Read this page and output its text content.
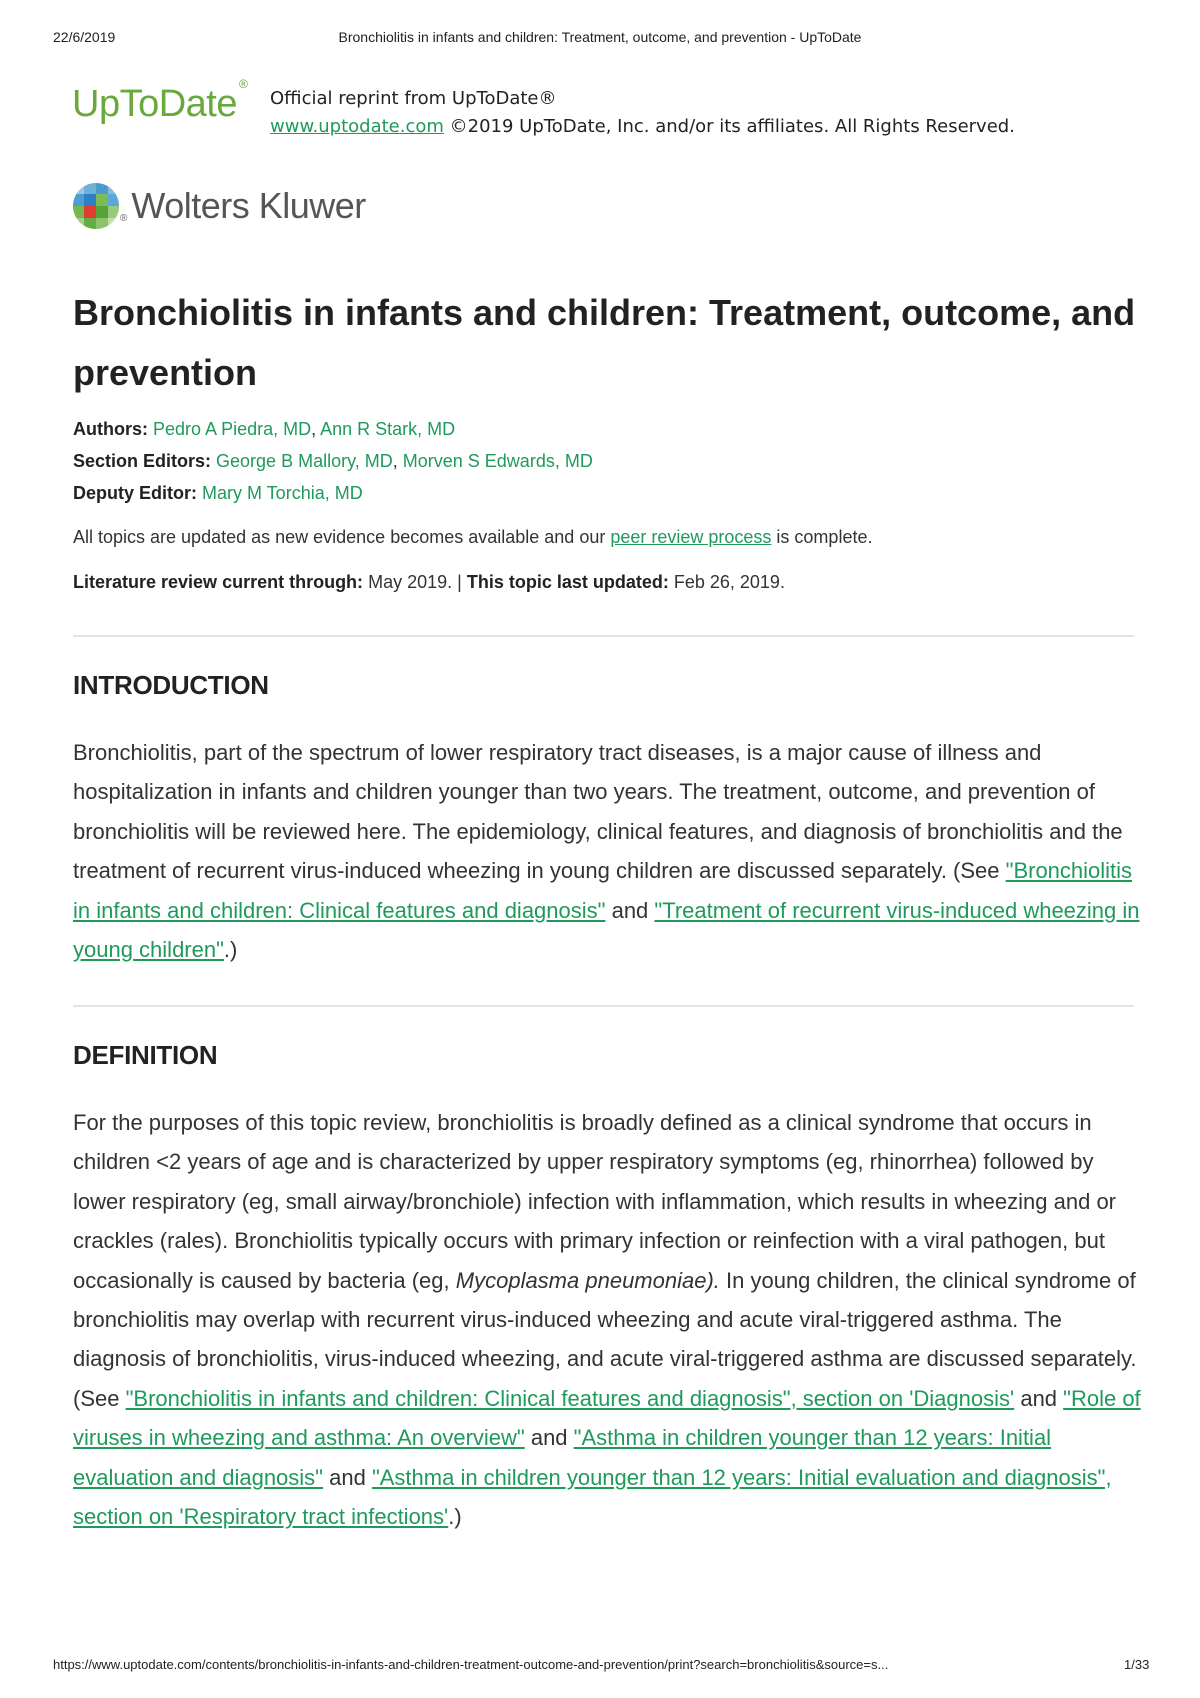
22/6/2019	Bronchiolitis in infants and children: Treatment, outcome, and prevention - UpToDate
UpToDate ®
Official reprint from UpToDate®
www.uptodate.com ©2019 UpToDate, Inc. and/or its affiliates. All Rights Reserved.
® Wolters Kluwer
Bronchiolitis in infants and children: Treatment, outcome, and prevention
Authors: Pedro A Piedra, MD, Ann R Stark, MD
Section Editors: George B Mallory, MD, Morven S Edwards, MD
Deputy Editor: Mary M Torchia, MD
All topics are updated as new evidence becomes available and our peer review process is complete.
Literature review current through: May 2019. | This topic last updated: Feb 26, 2019.
INTRODUCTION
Bronchiolitis, part of the spectrum of lower respiratory tract diseases, is a major cause of illness and hospitalization in infants and children younger than two years. The treatment, outcome, and prevention of bronchiolitis will be reviewed here. The epidemiology, clinical features, and diagnosis of bronchiolitis and the treatment of recurrent virus-induced wheezing in young children are discussed separately. (See "Bronchiolitis in infants and children: Clinical features and diagnosis" and "Treatment of recurrent virus-induced wheezing in young children".)
DEFINITION
For the purposes of this topic review, bronchiolitis is broadly defined as a clinical syndrome that occurs in children <2 years of age and is characterized by upper respiratory symptoms (eg, rhinorrhea) followed by lower respiratory (eg, small airway/bronchiole) infection with inflammation, which results in wheezing and or crackles (rales). Bronchiolitis typically occurs with primary infection or reinfection with a viral pathogen, but occasionally is caused by bacteria (eg, Mycoplasma pneumoniae). In young children, the clinical syndrome of bronchiolitis may overlap with recurrent virus-induced wheezing and acute viral-triggered asthma. The diagnosis of bronchiolitis, virus-induced wheezing, and acute viral-triggered asthma are discussed separately. (See "Bronchiolitis in infants and children: Clinical features and diagnosis", section on 'Diagnosis' and "Role of viruses in wheezing and asthma: An overview" and "Asthma in children younger than 12 years: Initial evaluation and diagnosis" and "Asthma in children younger than 12 years: Initial evaluation and diagnosis", section on 'Respiratory tract infections'.)
https://www.uptodate.com/contents/bronchiolitis-in-infants-and-children-treatment-outcome-and-prevention/print?search=bronchiolitis&source=s...	1/33
